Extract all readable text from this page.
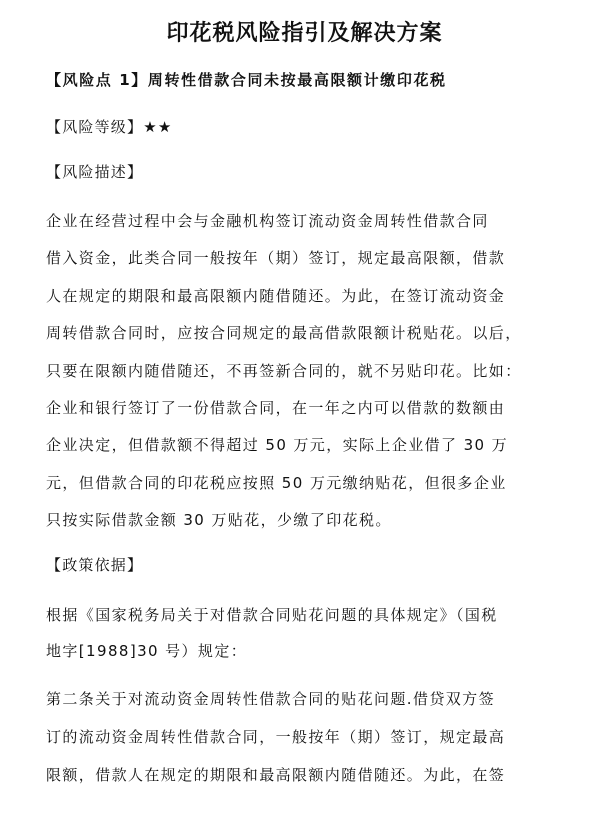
印花税风险指引及解决方案
【风险点 1】周转性借款合同未按最高限额计缴印花税
【风险等级】★★
【风险描述】
企业在经营过程中会与金融机构签订流动资金周转性借款合同
借入资金，此类合同一般按年（期）签订，规定最高限额，借款
人在规定的期限和最高限额内随借随还。为此，在签订流动资金
周转借款合同时，应按合同规定的最高借款限额计税贴花。以后，
只要在限额内随借随还，不再签新合同的，就不另贴印花。比如：
企业和银行签订了一份借款合同，在一年之内可以借款的数额由
企业决定，但借款额不得超过 50 万元，实际上企业借了 30 万
元，但借款合同的印花税应按照 50 万元缴纳贴花，但很多企业
只按实际借款金额 30 万贴花，少缴了印花税。
【政策依据】
根据《国家税务局关于对借款合同贴花问题的具体规定》（国税
地字[1988]30 号）规定：
第二条关于对流动资金周转性借款合同的贴花问题.借贷双方签
订的流动资金周转性借款合同，一般按年（期）签订，规定最高
限额，借款人在规定的期限和最高限额内随借随还。为此，在签
